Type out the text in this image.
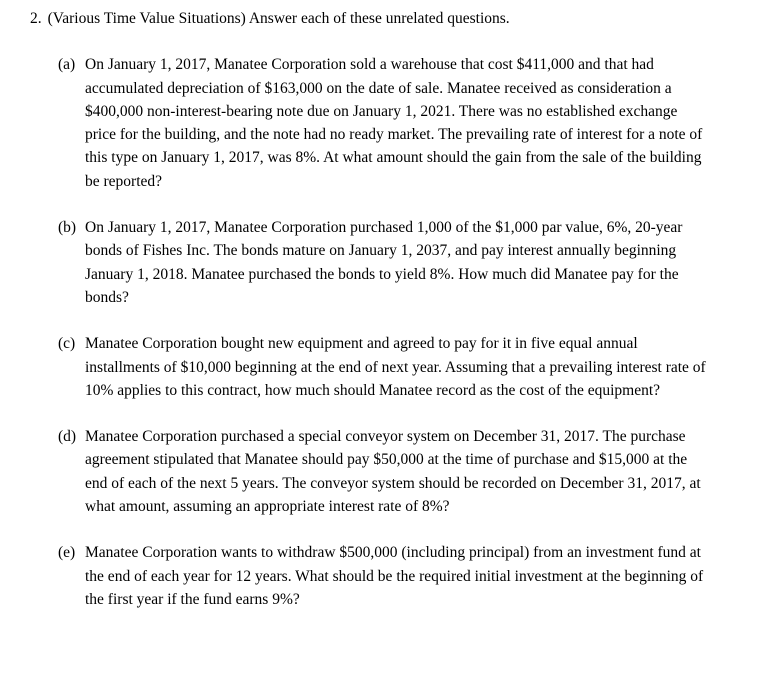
2. (Various Time Value Situations) Answer each of these unrelated questions.
(a) On January 1, 2017, Manatee Corporation sold a warehouse that cost $411,000 and that had accumulated depreciation of $163,000 on the date of sale. Manatee received as consideration a $400,000 non-interest-bearing note due on January 1, 2021. There was no established exchange price for the building, and the note had no ready market. The prevailing rate of interest for a note of this type on January 1, 2017, was 8%. At what amount should the gain from the sale of the building be reported?
(b) On January 1, 2017, Manatee Corporation purchased 1,000 of the $1,000 par value, 6%, 20-year bonds of Fishes Inc. The bonds mature on January 1, 2037, and pay interest annually beginning January 1, 2018. Manatee purchased the bonds to yield 8%. How much did Manatee pay for the bonds?
(c) Manatee Corporation bought new equipment and agreed to pay for it in five equal annual installments of $10,000 beginning at the end of next year. Assuming that a prevailing interest rate of 10% applies to this contract, how much should Manatee record as the cost of the equipment?
(d) Manatee Corporation purchased a special conveyor system on December 31, 2017. The purchase agreement stipulated that Manatee should pay $50,000 at the time of purchase and $15,000 at the end of each of the next 5 years. The conveyor system should be recorded on December 31, 2017, at what amount, assuming an appropriate interest rate of 8%?
(e) Manatee Corporation wants to withdraw $500,000 (including principal) from an investment fund at the end of each year for 12 years. What should be the required initial investment at the beginning of the first year if the fund earns 9%?
